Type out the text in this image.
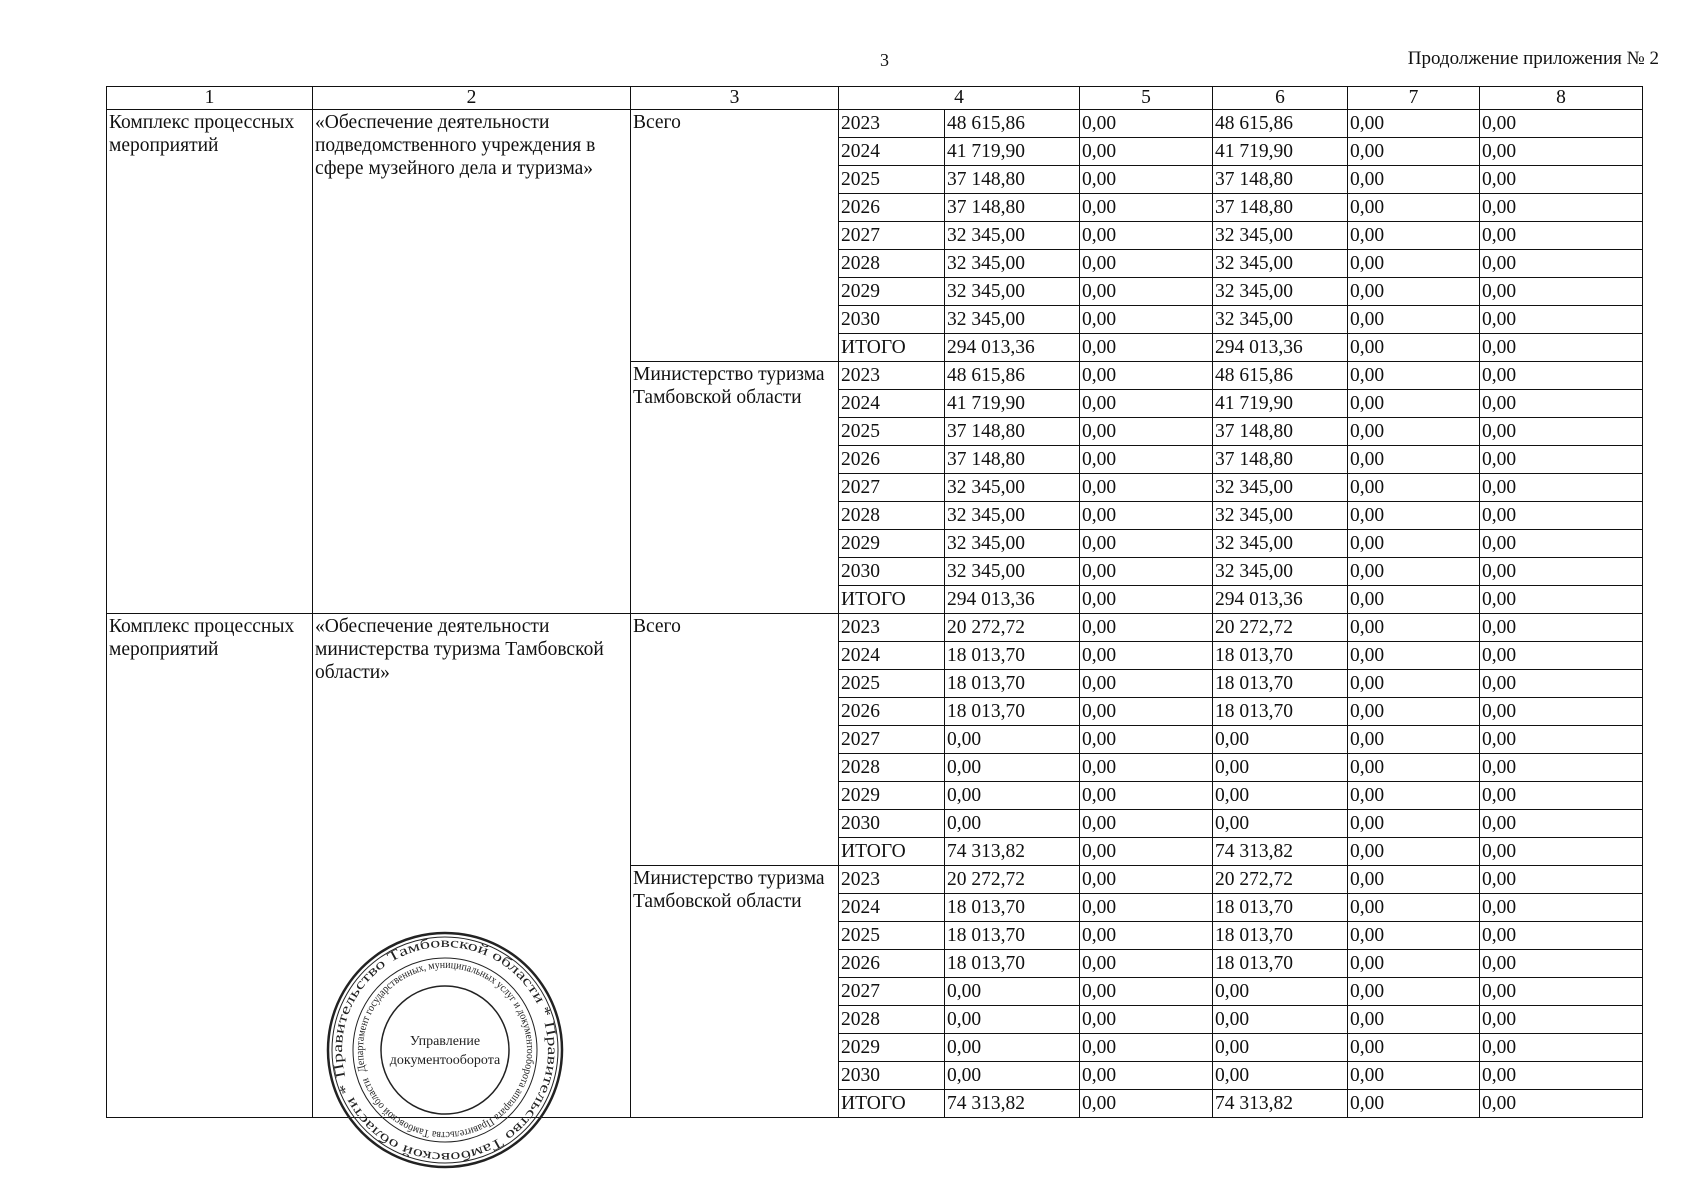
3	Продолжение приложения № 2
1	2	3	4		5	6	7	8
Комплекс процессных мероприятий	«Обеспечение деятельности подведомственного учреждения в сфере музейного дела и туризма»	Всего	2023	48 615,86	0,00	48 615,86	0,00	0,00
			2024	41 719,90	0,00	41 719,90	0,00	0,00
			2025	37 148,80	0,00	37 148,80	0,00	0,00
			2026	37 148,80	0,00	37 148,80	0,00	0,00
			2027	32 345,00	0,00	32 345,00	0,00	0,00
			2028	32 345,00	0,00	32 345,00	0,00	0,00
			2029	32 345,00	0,00	32 345,00	0,00	0,00
			2030	32 345,00	0,00	32 345,00	0,00	0,00
			ИТОГО	294 013,36	0,00	294 013,36	0,00	0,00
		Министерство туризма Тамбовской области	2023	48 615,86	0,00	48 615,86	0,00	0,00
			2024	41 719,90	0,00	41 719,90	0,00	0,00
			2025	37 148,80	0,00	37 148,80	0,00	0,00
			2026	37 148,80	0,00	37 148,80	0,00	0,00
			2027	32 345,00	0,00	32 345,00	0,00	0,00
			2028	32 345,00	0,00	32 345,00	0,00	0,00
			2029	32 345,00	0,00	32 345,00	0,00	0,00
			2030	32 345,00	0,00	32 345,00	0,00	0,00
			ИТОГО	294 013,36	0,00	294 013,36	0,00	0,00
Комплекс процессных мероприятий	«Обеспечение деятельности министерства туризма Тамбовской области»	Всего	2023	20 272,72	0,00	20 272,72	0,00	0,00
			2024	18 013,70	0,00	18 013,70	0,00	0,00
			2025	18 013,70	0,00	18 013,70	0,00	0,00
			2026	18 013,70	0,00	18 013,70	0,00	0,00
			2027	0,00	0,00	0,00	0,00	0,00
			2028	0,00	0,00	0,00	0,00	0,00
			2029	0,00	0,00	0,00	0,00	0,00
			2030	0,00	0,00	0,00	0,00	0,00
			ИТОГО	74 313,82	0,00	74 313,82	0,00	0,00
		Министерство туризма Тамбовской области	2023	20 272,72	0,00	20 272,72	0,00	0,00
			2024	18 013,70	0,00	18 013,70	0,00	0,00
			2025	18 013,70	0,00	18 013,70	0,00	0,00
			2026	18 013,70	0,00	18 013,70	0,00	0,00
			2027	0,00	0,00	0,00	0,00	0,00
			2028	0,00	0,00	0,00	0,00	0,00
			2029	0,00	0,00	0,00	0,00	0,00
			2030	0,00	0,00	0,00	0,00	0,00
			ИТОГО	74 313,82	0,00	74 313,82	0,00	0,00
Правительство Тамбовской области * Правительство Тамбовской области *
Департамент государственных, муниципальных услуг и документооборота аппарата Правительства Тамбовской области
Управление
документооборота
